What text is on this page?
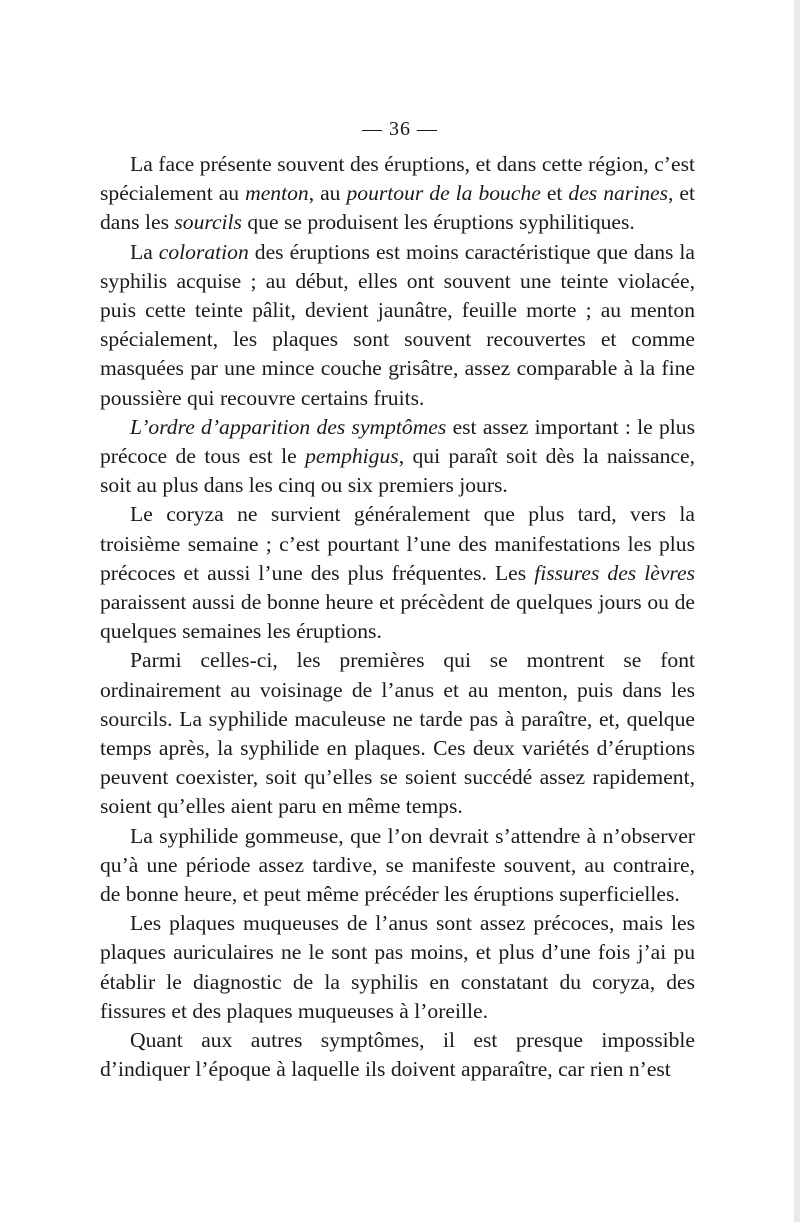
— 36 —

La face présente souvent des éruptions, et dans cette région, c’est spécialement au menton, au pourtour de la bouche et des narines, et dans les sourcils que se produisent les éruptions syphilitiques.

La coloration des éruptions est moins caractéristique que dans la syphilis acquise ; au début, elles ont souvent une teinte violacée, puis cette teinte pâlit, devient jaunâtre, feuille morte ; au menton spécialement, les plaques sont souvent recouvertes et comme masquées par une mince couche grisâtre, assez comparable à la fine poussière qui recouvre certains fruits.

L’ordre d’apparition des symptômes est assez important : le plus précoce de tous est le pemphigus, qui paraît soit dès la naissance, soit au plus dans les cinq ou six premiers jours.

Le coryza ne survient généralement que plus tard, vers la troisième semaine ; c’est pourtant l’une des manifestations les plus précoces et aussi l’une des plus fréquentes. Les fissures des lèvres paraissent aussi de bonne heure et précèdent de quelques jours ou de quelques semaines les éruptions.

Parmi celles-ci, les premières qui se montrent se font ordinairement au voisinage de l’anus et au menton, puis dans les sourcils. La syphilide maculeuse ne tarde pas à paraître, et, quelque temps après, la syphilide en plaques. Ces deux variétés d’éruptions peuvent coexister, soit qu’elles se soient succédé assez rapidement, soient qu’elles aient paru en même temps.

La syphilide gommeuse, que l’on devrait s’attendre à n’observer qu’à une période assez tardive, se manifeste souvent, au contraire, de bonne heure, et peut même précéder les éruptions superficielles.

Les plaques muqueuses de l’anus sont assez précoces, mais les plaques auriculaires ne le sont pas moins, et plus d’une fois j’ai pu établir le diagnostic de la syphilis en constatant du coryza, des fissures et des plaques muqueuses à l’oreille.

Quant aux autres symptômes, il est presque impossible d’indiquer l’époque à laquelle ils doivent apparaître, car rien n’est
